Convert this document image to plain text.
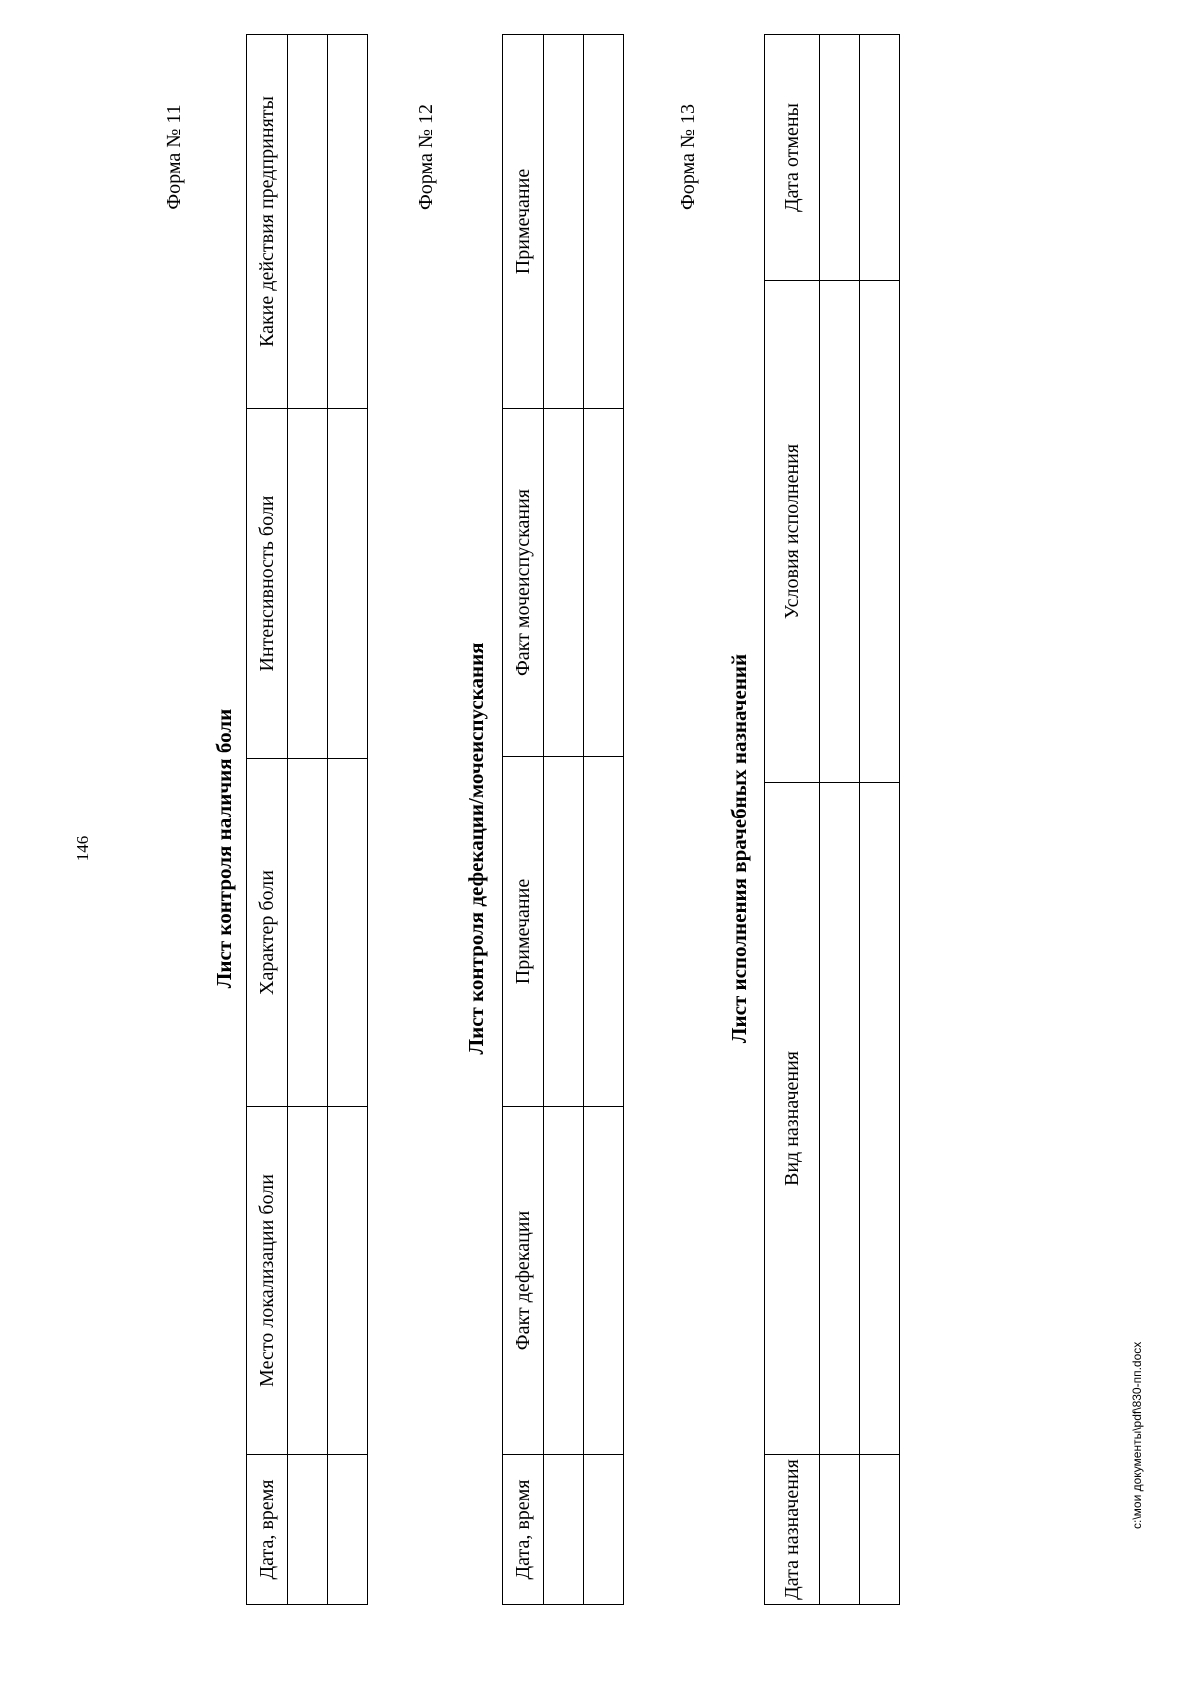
146
Форма № 11
Лист контроля наличия боли
Дата, время	Место локализации боли	Характер боли	Интенсивность боли	Какие действия предприняты

					Форма № 12
Лист контроля дефекации/мочеиспускания
Дата, время	Факт дефекации	Примечание	Факт мочеиспускания	Примечание

Форма № 13
Лист исполнения врачебных назначений
Дата назначения	Вид назначения	Условия исполнения	Дата отмены

c:\мои документы\pdf\830-пп.docx
